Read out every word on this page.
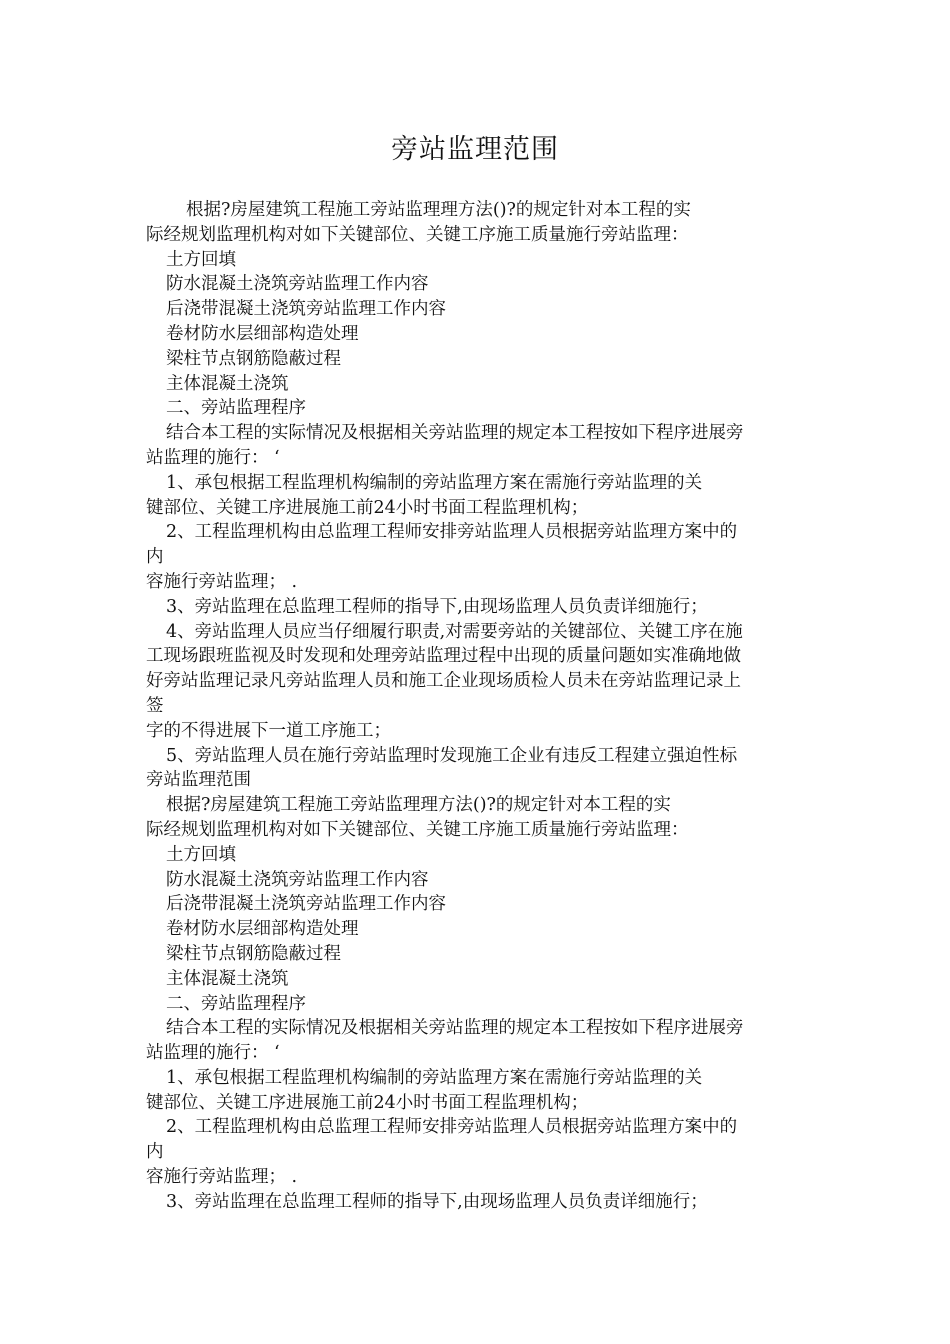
旁站监理范围
根据?房屋建筑工程施工旁站监理理方法()?的规定针对本工程的实
际经规划监理机构对如下关键部位、关键工序施工质量施行旁站监理：
土方回填
防水混凝土浇筑旁站监理工作内容
后浇带混凝土浇筑旁站监理工作内容
卷材防水层细部构造处理
梁柱节点钢筋隐蔽过程
主体混凝土浇筑
二、旁站监理程序
结合本工程的实际情况及根据相关旁站监理的规定本工程按如下程序进展旁
站监理的施行： ‘
1、承包根据工程监理机构编制的旁站监理方案在需施行旁站监理的关
键部位、关键工序进展施工前24小时书面工程监理机构；
2、工程监理机构由总监理工程师安排旁站监理人员根据旁站监理方案中的
内
容施行旁站监理； .
3、旁站监理在总监理工程师的指导下,由现场监理人员负责详细施行；
4、旁站监理人员应当仔细履行职责,对需要旁站的关键部位、关键工序在施
工现场跟班监视及时发现和处理旁站监理过程中出现的质量问题如实准确地做
好旁站监理记录凡旁站监理人员和施工企业现场质检人员未在旁站监理记录上
签
字的不得进展下一道工序施工；
5、旁站监理人员在施行旁站监理时发现施工企业有违反工程建立强迫性标
旁站监理范围
根据?房屋建筑工程施工旁站监理理方法()?的规定针对本工程的实
际经规划监理机构对如下关键部位、关键工序施工质量施行旁站监理：
土方回填
防水混凝土浇筑旁站监理工作内容
后浇带混凝土浇筑旁站监理工作内容
卷材防水层细部构造处理
梁柱节点钢筋隐蔽过程
主体混凝土浇筑
二、旁站监理程序
结合本工程的实际情况及根据相关旁站监理的规定本工程按如下程序进展旁
站监理的施行： ‘
1、承包根据工程监理机构编制的旁站监理方案在需施行旁站监理的关
键部位、关键工序进展施工前24小时书面工程监理机构；
2、工程监理机构由总监理工程师安排旁站监理人员根据旁站监理方案中的
内
容施行旁站监理； .
3、旁站监理在总监理工程师的指导下,由现场监理人员负责详细施行；
